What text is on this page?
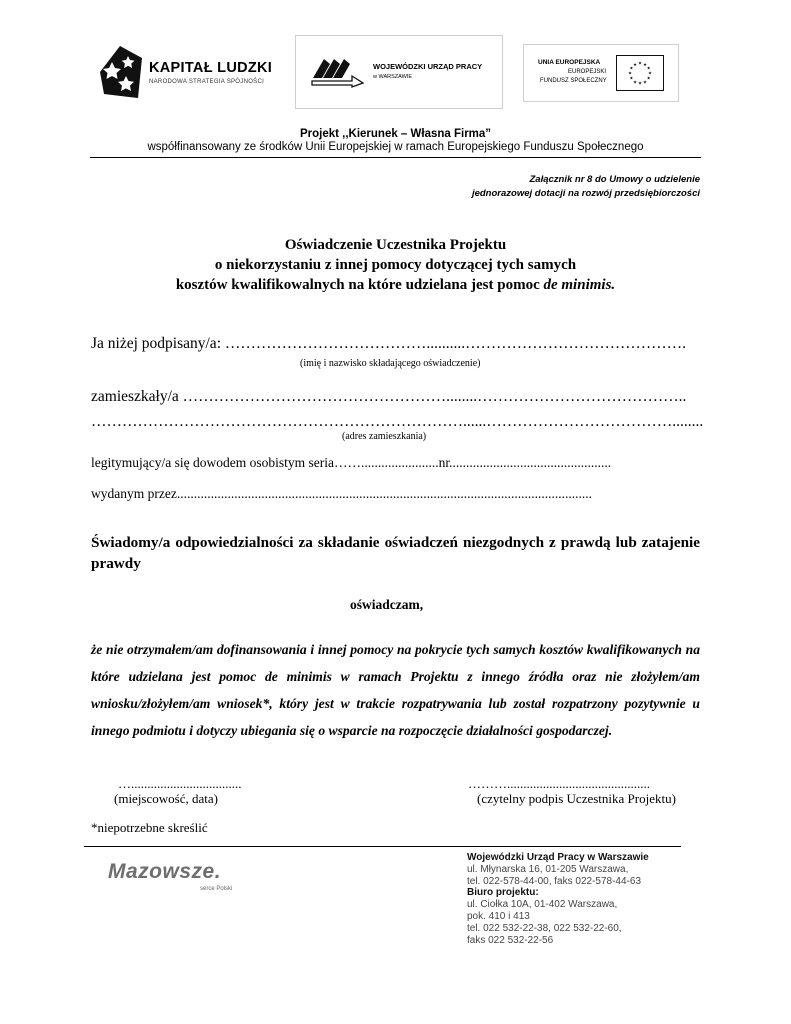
KAPITAŁ LUDZKI
NARODOWA STRATEGIA SPÓJNOŚCI
WOJEWÓDZKI URZĄD PRACY
w WARSZAWIE
UNIA EUROPEJSKA
EUROPEJSKI
FUNDUSZ SPOŁECZNY
★ ★
★
★
★
★
★
★
★
★
★
★
Projekt ,,Kierunek – Własna Firma”
współfinansowany ze środków Unii Europejskiej w ramach Europejskiego Funduszu Społecznego
Załącznik nr 8 do Umowy o udzielenie
jednorazowej dotacji na rozwój przedsiębiorczości
Oświadczenie Uczestnika Projektu
o niekorzystaniu z innej pomocy dotyczącej tych samych
kosztów kwalifikowalnych na które udzielana jest pomoc de minimis.
Ja niżej podpisany/a: …………………………………..........…………………………………….
(imię i nazwisko składającego oświadczenie)
zamieszkały/a ……………………………………………........…………………………………..
………………………………………………………………......………………………………........
(adres zamieszkania)
legitymujący/a się dowodem osobistym seria…….......................nr................................................
wydanym przez...........................................................................................................................
Świadomy/a odpowiedzialności za składanie oświadczeń niezgodnych z prawdą lub zatajenie prawdy
oświadczam,
że nie otrzymałem/am dofinansowania i innej pomocy na pokrycie tych samych kosztów kwalifikowanych na które udzielana jest pomoc de minimis w ramach Projektu z innego źródła oraz nie złożyłem/am wniosku/złożyłem/am wniosek*, który jest w trakcie rozpatrywania lub został rozpatrzony pozytywnie u innego podmiotu i dotyczy ubiegania się o wsparcie na rozpoczęcie działalności gospodarczej.
…..................................
(miejscowość, data)
………............................................
(czytelny podpis Uczestnika Projektu)
*niepotrzebne skreślić
Mazowsze.
serce Polski
Wojewódzki Urząd Pracy w Warszawie
ul. Młynarska 16, 01-205 Warszawa,
tel. 022-578-44-00, faks 022-578-44-63
Biuro projektu:
ul. Ciołka 10A, 01-402 Warszawa,
pok. 410 i 413
tel. 022 532-22-38, 022 532-22-60,
faks 022 532-22-56
